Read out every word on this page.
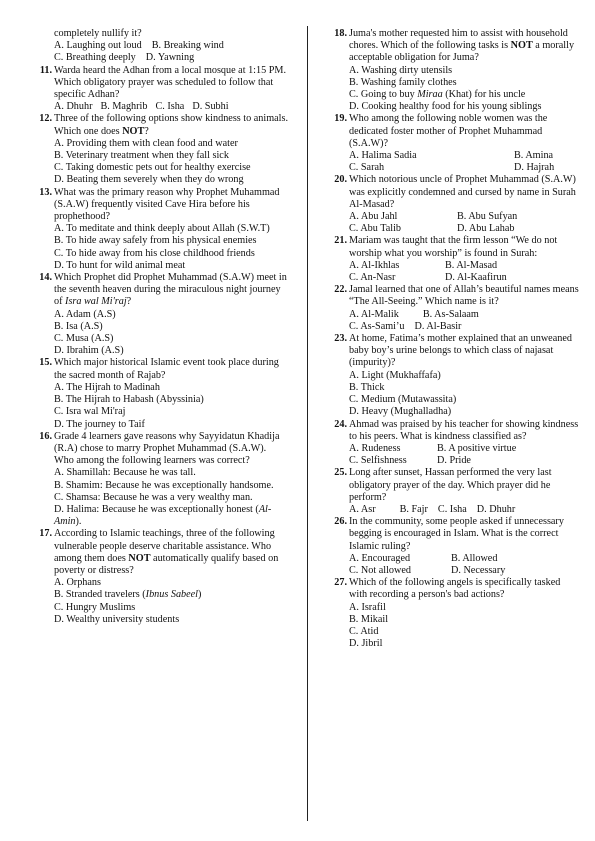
completely nullify it?
A. Laughing out loud B. Breaking wind
C. Breathing deeply D. Yawning
11. Warda heard the Adhan from a local mosque at 1:15 PM. Which obligatory prayer was scheduled to follow that specific Adhan?
A. Dhuhr B. Maghrib C. Isha D. Subhi
12. Three of the following options show kindness to animals. Which one does NOT?
A. Providing them with clean food and water
B. Veterinary treatment when they fall sick
C. Taking domestic pets out for healthy exercise
D. Beating them severely when they do wrong
13. What was the primary reason why Prophet Muhammad (S.A.W) frequently visited Cave Hira before his prophethood?
A. To meditate and think deeply about Allah (S.W.T)
B. To hide away safely from his physical enemies
C. To hide away from his close childhood friends
D. To hunt for wild animal meat
14. Which Prophet did Prophet Muhammad (S.A.W) meet in the seventh heaven during the miraculous night journey of Isra wal Mi'raj?
A. Adam (A.S)
B. Isa (A.S)
C. Musa (A.S)
D. Ibrahim (A.S)
15. Which major historical Islamic event took place during the sacred month of Rajab?
A. The Hijrah to Madinah
B. The Hijrah to Habash (Abyssinia)
C. Isra wal Mi'raj
D. The journey to Taif
16. Grade 4 learners gave reasons why Sayyidatun Khadija (R.A) chose to marry Prophet Muhammad (S.A.W). Who among the following learners was correct?
A. Shamillah: Because he was tall.
B. Shamim: Because he was exceptionally handsome.
C. Shamsa: Because he was a very wealthy man.
D. Halima: Because he was exceptionally honest (Al-Amin).
17. According to Islamic teachings, three of the following vulnerable people deserve charitable assistance. Who among them does NOT automatically qualify based on poverty or distress?
A. Orphans
B. Stranded travelers (Ibnus Sabeel)
C. Hungry Muslims
D. Wealthy university students
18. Juma's mother requested him to assist with household chores. Which of the following tasks is NOT a morally acceptable obligation for Juma?
A. Washing dirty utensils
B. Washing family clothes
C. Going to buy Miraa (Khat) for his uncle
D. Cooking healthy food for his young siblings
19. Who among the following noble women was the dedicated foster mother of Prophet Muhammad (S.A.W)?
A. Halima Sadia	B. Amina
C. Sarah	D. Hajrah
20. Which notorious uncle of Prophet Muhammad (S.A.W) was explicitly condemned and cursed by name in Surah Al-Masad?
A. Abu Jahl	B. Abu Sufyan
C. Abu Talib	D. Abu Lahab
21. Mariam was taught that the firm lesson “We do not worship what you worship” is found in Surah:
A. Al-Ikhlas	B. Al-Masad
C. An-Nasr	D. Al-Kaafirun
22. Jamal learned that one of Allah’s beautiful names means “The All-Seeing.” Which name is it?
A. Al-Malik B. As-Salaam
C. As-Sami’u D. Al-Basir
23. At home, Fatima’s mother explained that an unweaned baby boy’s urine belongs to which class of najasat (impurity)?
A. Light (Mukhaffafa)
B. Thick
C. Medium (Mutawassita)
D. Heavy (Mughalladha)
24. Ahmad was praised by his teacher for showing kindness to his peers. What is kindness classified as?
A. Rudeness	B. A positive virtue
C. Selfishness	D. Pride
25. Long after sunset, Hassan performed the very last obligatory prayer of the day. Which prayer did he perform?
A. Asr B. Fajr C. Isha D. Dhuhr
26. In the community, some people asked if unnecessary begging is encouraged in Islam. What is the correct Islamic ruling?
A. Encouraged	B. Allowed
C. Not allowed	D. Necessary
27. Which of the following angels is specifically tasked with recording a person's bad actions?
A. Israfil
B. Mikail
C. Atid
D. Jibril
